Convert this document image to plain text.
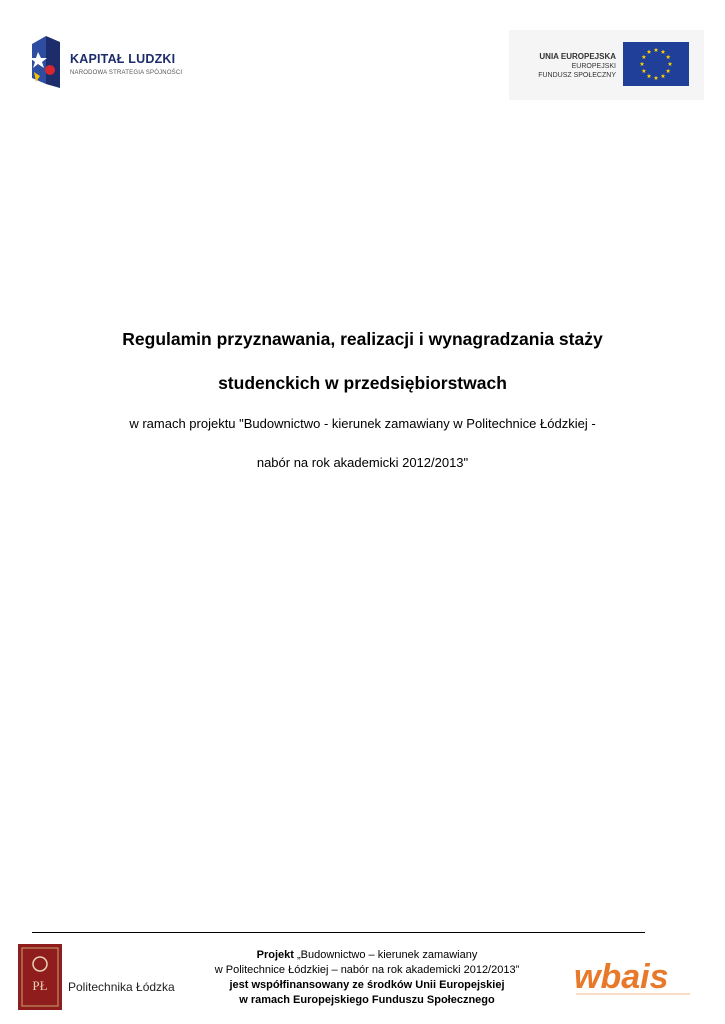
KAPITAŁ LUDZKI
NARODOWA STRATEGIA SPÓJNOŚCI
UNIA EUROPEJSKA
EUROPEJSKI
FUNDUSZ SPOŁECZNY
Regulamin przyznawania, realizacji i wynagradzania staży
studenckich w przedsiębiorstwach
w ramach projektu "Budownictwo - kierunek zamawiany w Politechnice Łódzkiej -
nabór na rok akademicki 2012/2013"
PŁ Politechnika Łódzka
Projekt „Budownictwo – kierunek zamawiany
w Politechnice Łódzkiej – nabór na rok akademicki 2012/2013”
jest współfinansowany ze środków Unii Europejskiej
w ramach Europejskiego Funduszu Społecznego
wbais
